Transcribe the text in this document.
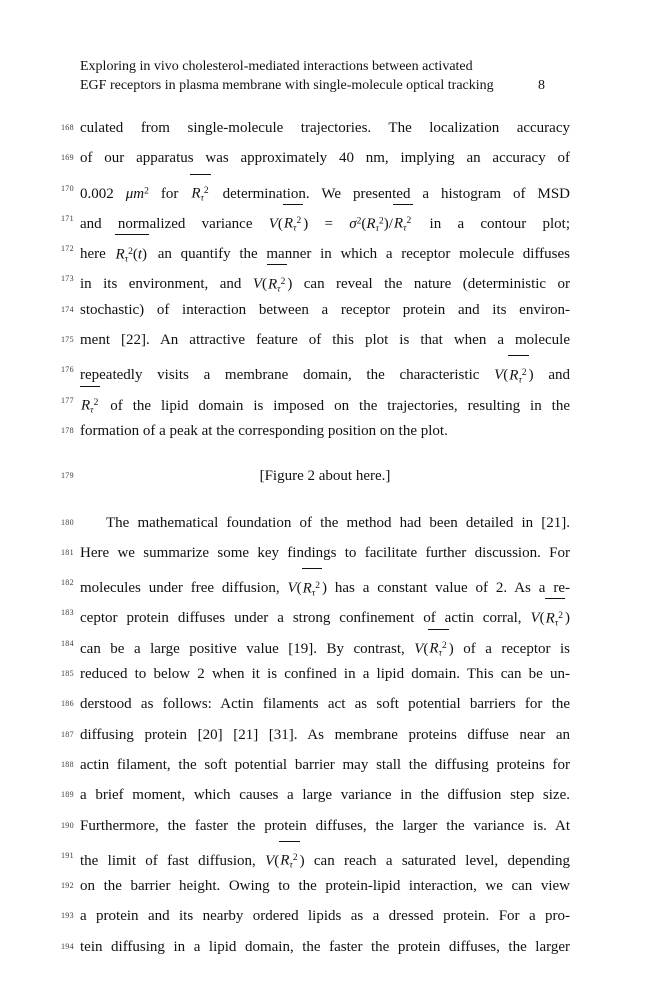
Exploring in vivo cholesterol-mediated interactions between activated
EGF receptors in plasma membrane with single-molecule optical tracking	8
168 culated from single-molecule trajectories. The localization accuracy
169 of our apparatus was approximately 40 nm, implying an accuracy of
170 0.002 $\mu m^2$ for $R_\tau^2$ determination. We presented a histogram of MSD
171 and normalized variance $V(R_\tau^2$ ) = $\sigma^2(R_\tau^2)/R_\tau^2$ in a contour plot;
172 here $R_\tau^2(t)$ an quantify the manner in which a receptor molecule diffuses
173 in its environment, and $V(R_\tau^2$ ) can reveal the nature (deterministic or
174 stochastic) of interaction between a receptor protein and its environ-
175 ment [22]. An attractive feature of this plot is that when a molecule
176 repeatedly visits a membrane domain, the characteristic $V(R_\tau^2$ ) and
177 $R_\tau^2$ of the lipid domain is imposed on the trajectories, resulting in the
178 formation of a peak at the corresponding position on the plot.
179	[Figure 2 about here.]
180	The mathematical foundation of the method had been detailed in [21].
181 Here we summarize some key findings to facilitate further discussion. For
182 molecules under free diffusion, $V(R_\tau^2$ ) has a constant value of 2. As a re-
183 ceptor protein diffuses under a strong confinement of actin corral, $V(R_\tau^2$ )
184 can be a large positive value [19]. By contrast, $V(R_\tau^2$ ) of a receptor is
185 reduced to below 2 when it is confined in a lipid domain. This can be un-
186 derstood as follows: Actin filaments act as soft potential barriers for the
187 diffusing protein [20] [21] [31]. As membrane proteins diffuse near an
188 actin filament, the soft potential barrier may stall the diffusing proteins for
189 a brief moment, which causes a large variance in the diffusion step size.
190 Furthermore, the faster the protein diffuses, the larger the variance is. At
191 the limit of fast diffusion, $V(R_\tau^2$ ) can reach a saturated level, depending
192 on the barrier height. Owing to the protein-lipid interaction, we can view
193 a protein and its nearby ordered lipids as a dressed protein. For a pro-
194 tein diffusing in a lipid domain, the faster the protein diffuses, the larger
